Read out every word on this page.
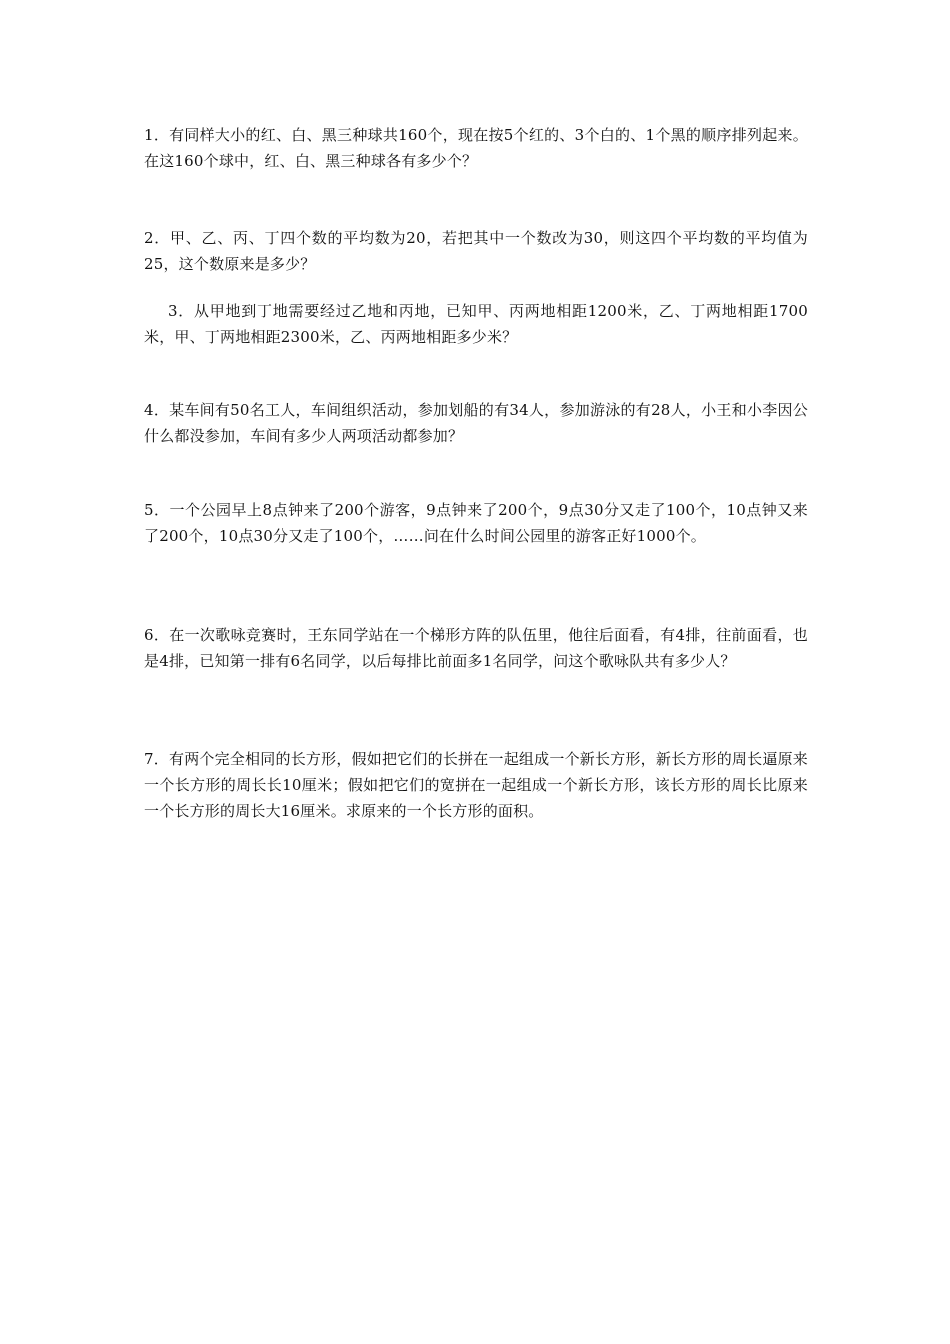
1．有同样大小的红、白、黑三种球共160个，现在按5个红的、3个白的、1个黑的顺序排列起来。在这160个球中，红、白、黑三种球各有多少个？

2．甲、乙、丙、丁四个数的平均数为20，若把其中一个数改为30，则这四个平均数的平均值为25，这个数原来是多少？

3．从甲地到丁地需要经过乙地和丙地，已知甲、丙两地相距1200米，乙、丁两地相距1700米，甲、丁两地相距2300米，乙、丙两地相距多少米？

4．某车间有50名工人，车间组织活动，参加划船的有34人，参加游泳的有28人，小王和小李因公什么都没参加，车间有多少人两项活动都参加？

5．一个公园早上8点钟来了200个游客，9点钟来了200个，9点30分又走了100个，10点钟又来了200个，10点30分又走了100个，……问在什么时间公园里的游客正好1000个。

6．在一次歌咏竞赛时，王东同学站在一个梯形方阵的队伍里，他往后面看，有4排，往前面看，也是4排，已知第一排有6名同学，以后每排比前面多1名同学，问这个歌咏队共有多少人？

7．有两个完全相同的长方形，假如把它们的长拼在一起组成一个新长方形，新长方形的周长逼原来一个长方形的周长长10厘米；假如把它们的宽拼在一起组成一个新长方形，该长方形的周长比原来一个长方形的周长大16厘米。求原来的一个长方形的面积。
